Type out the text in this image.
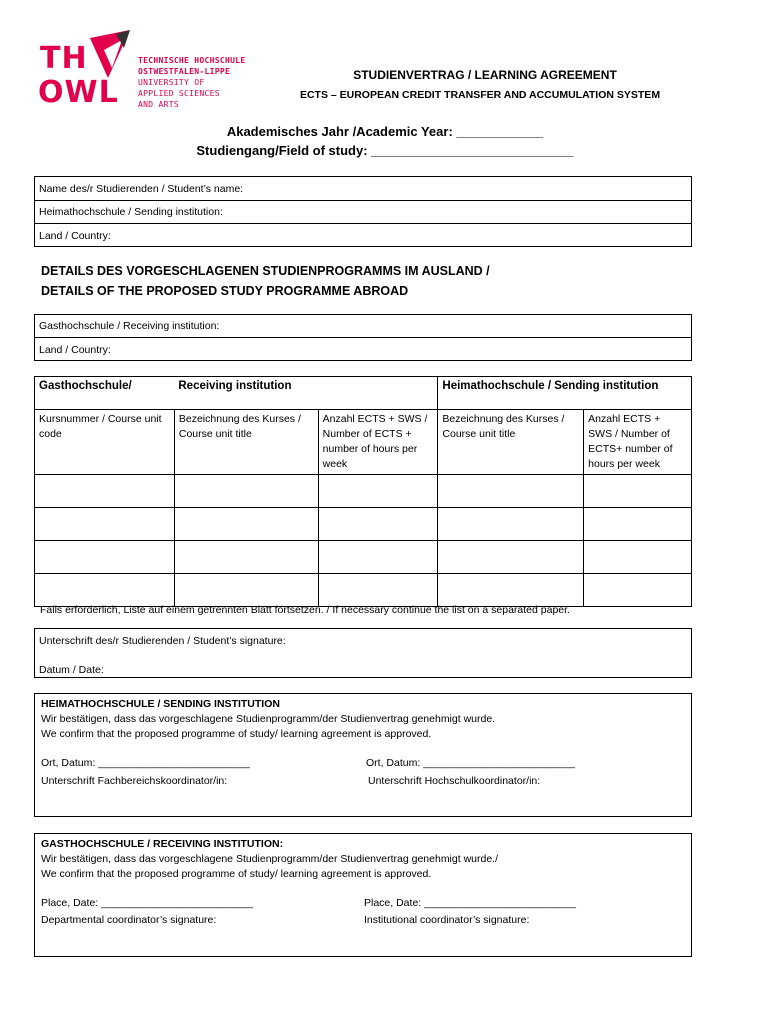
TH
OWL
TECHNISCHE HOCHSCHULE
OSTWESTFALEN-LIPPE
UNIVERSITY OF
APPLIED SCIENCES
AND ARTS
STUDIENVERTRAG / LEARNING AGREEMENT
ECTS – EUROPEAN CREDIT TRANSFER AND ACCUMULATION SYSTEM
Akademisches Jahr /Academic Year: ____________
Studiengang/Field of study: ____________________________
Name des/r Studierenden / Student’s name:
Heimathochschule / Sending institution:
Land / Country:
DETAILS DES VORGESCHLAGENEN STUDIENPROGRAMMS IM AUSLAND /
DETAILS OF THE PROPOSED STUDY PROGRAMME ABROAD
Gasthochschule / Receiving institution:
Land / Country:
Gasthochschule/	Receiving institution		Heimathochschule / Sending institution	
Kursnummer / Course unit code	Bezeichnung des Kurses / Course unit title	Anzahl ECTS + SWS / Number of ECTS + number of hours per week	Bezeichnung des Kurses / Course unit title	Anzahl ECTS + SWS / Number of ECTS+ number of hours per week

Falls erforderlich, Liste auf einem getrennten Blatt fortsetzen. / If necessary continue the list on a separated paper.
Unterschrift des/r Studierenden / Student’s signature:
Datum / Date:
HEIMATHOCHSCHULE / SENDING INSTITUTION
Wir bestätigen, dass das vorgeschlagene Studienprogramm/der Studienvertrag genehmigt wurde.
We confirm that the proposed programme of study/ learning agreement is approved.
Ort, Datum: __________________________	Ort, Datum: __________________________
Unterschrift Fachbereichskoordinator/in:	Unterschrift Hochschulkoordinator/in:
GASTHOCHSCHULE / RECEIVING INSTITUTION:
Wir bestätigen, dass das vorgeschlagene Studienprogramm/der Studienvertrag genehmigt wurde./
We confirm that the proposed programme of study/ learning agreement is approved.
Place, Date: __________________________	Place, Date: __________________________
Departmental coordinator’s signature:	Institutional coordinator’s signature:
